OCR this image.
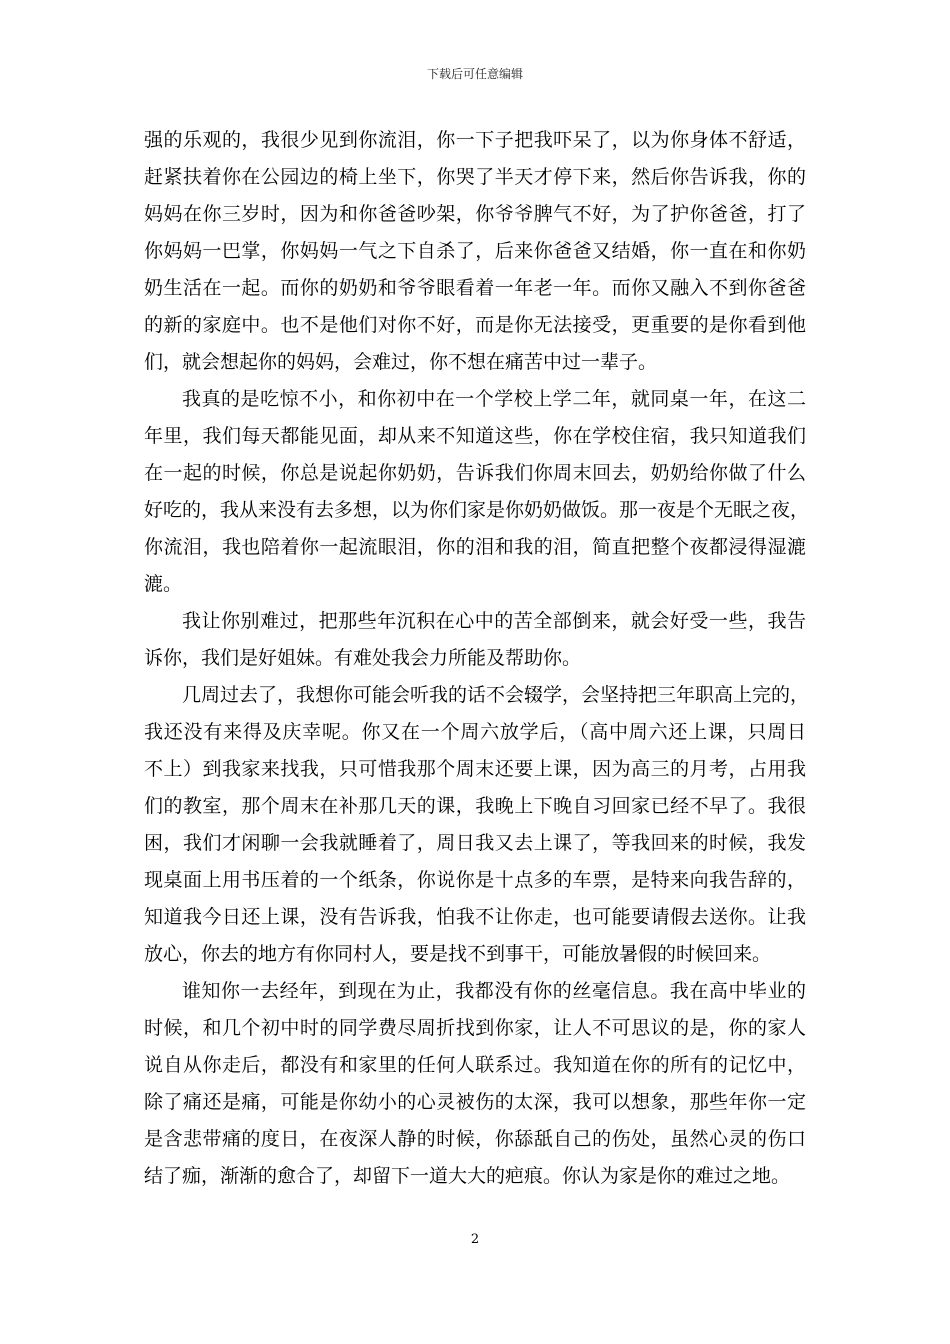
下载后可任意编辑
强的乐观的，我很少见到你流泪，你一下子把我吓呆了，以为你身体不舒适，
赶紧扶着你在公园边的椅上坐下，你哭了半天才停下来，然后你告诉我，你的
妈妈在你三岁时，因为和你爸爸吵架，你爷爷脾气不好，为了护你爸爸，打了
你妈妈一巴掌，你妈妈一气之下自杀了，后来你爸爸又结婚，你一直在和你奶
奶生活在一起。而你的奶奶和爷爷眼看着一年老一年。而你又融入不到你爸爸
的新的家庭中。也不是他们对你不好，而是你无法接受，更重要的是你看到他
们，就会想起你的妈妈，会难过，你不想在痛苦中过一辈子。
我真的是吃惊不小，和你初中在一个学校上学二年，就同桌一年，在这二
年里，我们每天都能见面，却从来不知道这些，你在学校住宿，我只知道我们
在一起的时候，你总是说起你奶奶，告诉我们你周末回去，奶奶给你做了什么
好吃的，我从来没有去多想，以为你们家是你奶奶做饭。那一夜是个无眠之夜，
你流泪，我也陪着你一起流眼泪，你的泪和我的泪，简直把整个夜都浸得湿漉
漉。
我让你别难过，把那些年沉积在心中的苦全部倒来，就会好受一些，我告
诉你，我们是好姐妹。有难处我会力所能及帮助你。
几周过去了，我想你可能会听我的话不会辍学，会坚持把三年职高上完的，
我还没有来得及庆幸呢。你又在一个周六放学后，（高中周六还上课，只周日
不上）到我家来找我，只可惜我那个周末还要上课，因为高三的月考，占用我
们的教室，那个周末在补那几天的课，我晚上下晚自习回家已经不早了。我很
困，我们才闲聊一会我就睡着了，周日我又去上课了，等我回来的时候，我发
现桌面上用书压着的一个纸条，你说你是十点多的车票，是特来向我告辞的，
知道我今日还上课，没有告诉我，怕我不让你走，也可能要请假去送你。让我
放心，你去的地方有你同村人，要是找不到事干，可能放暑假的时候回来。
谁知你一去经年，到现在为止，我都没有你的丝毫信息。我在高中毕业的
时候，和几个初中时的同学费尽周折找到你家，让人不可思议的是，你的家人
说自从你走后，都没有和家里的任何人联系过。我知道在你的所有的记忆中，
除了痛还是痛，可能是你幼小的心灵被伤的太深，我可以想象，那些年你一定
是含悲带痛的度日，在夜深人静的时候，你舔舐自己的伤处，虽然心灵的伤口
结了痂，渐渐的愈合了，却留下一道大大的疤痕。你认为家是你的难过之地。
2
